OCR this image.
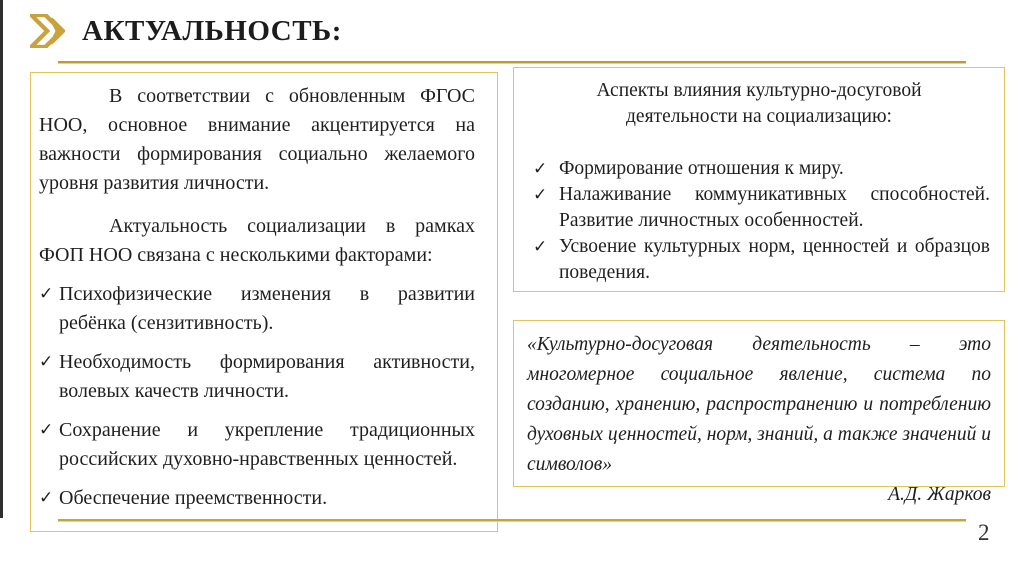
АКТУАЛЬНОСТЬ:

В соответствии с обновленным ФГОС НОО, основное внимание акцентируется на важности формирования социально желаемого уровня развития личности.

Актуальность социализации в рамках ФОП НОО связана с несколькими факторами:

✓ Психофизические изменения в развитии ребёнка (сензитивность).
✓ Необходимость формирования активности, волевых качеств личности.
✓ Сохранение и укрепление традиционных российских духовно-нравственных ценностей.
✓ Обеспечение преемственности.
Аспекты влияния культурно-досуговой деятельности на социализацию:
✓ Формирование отношения к миру.
✓ Налаживание коммуникативных способностей. Развитие личностных особенностей.
✓ Усвоение культурных норм, ценностей и образцов поведения.
«Культурно-досуговая деятельность – это многомерное социальное явление, система по созданию, хранению, распространению и потреблению духовных ценностей, норм, знаний, а также значений и символов»
А.Д. Жарков
2
